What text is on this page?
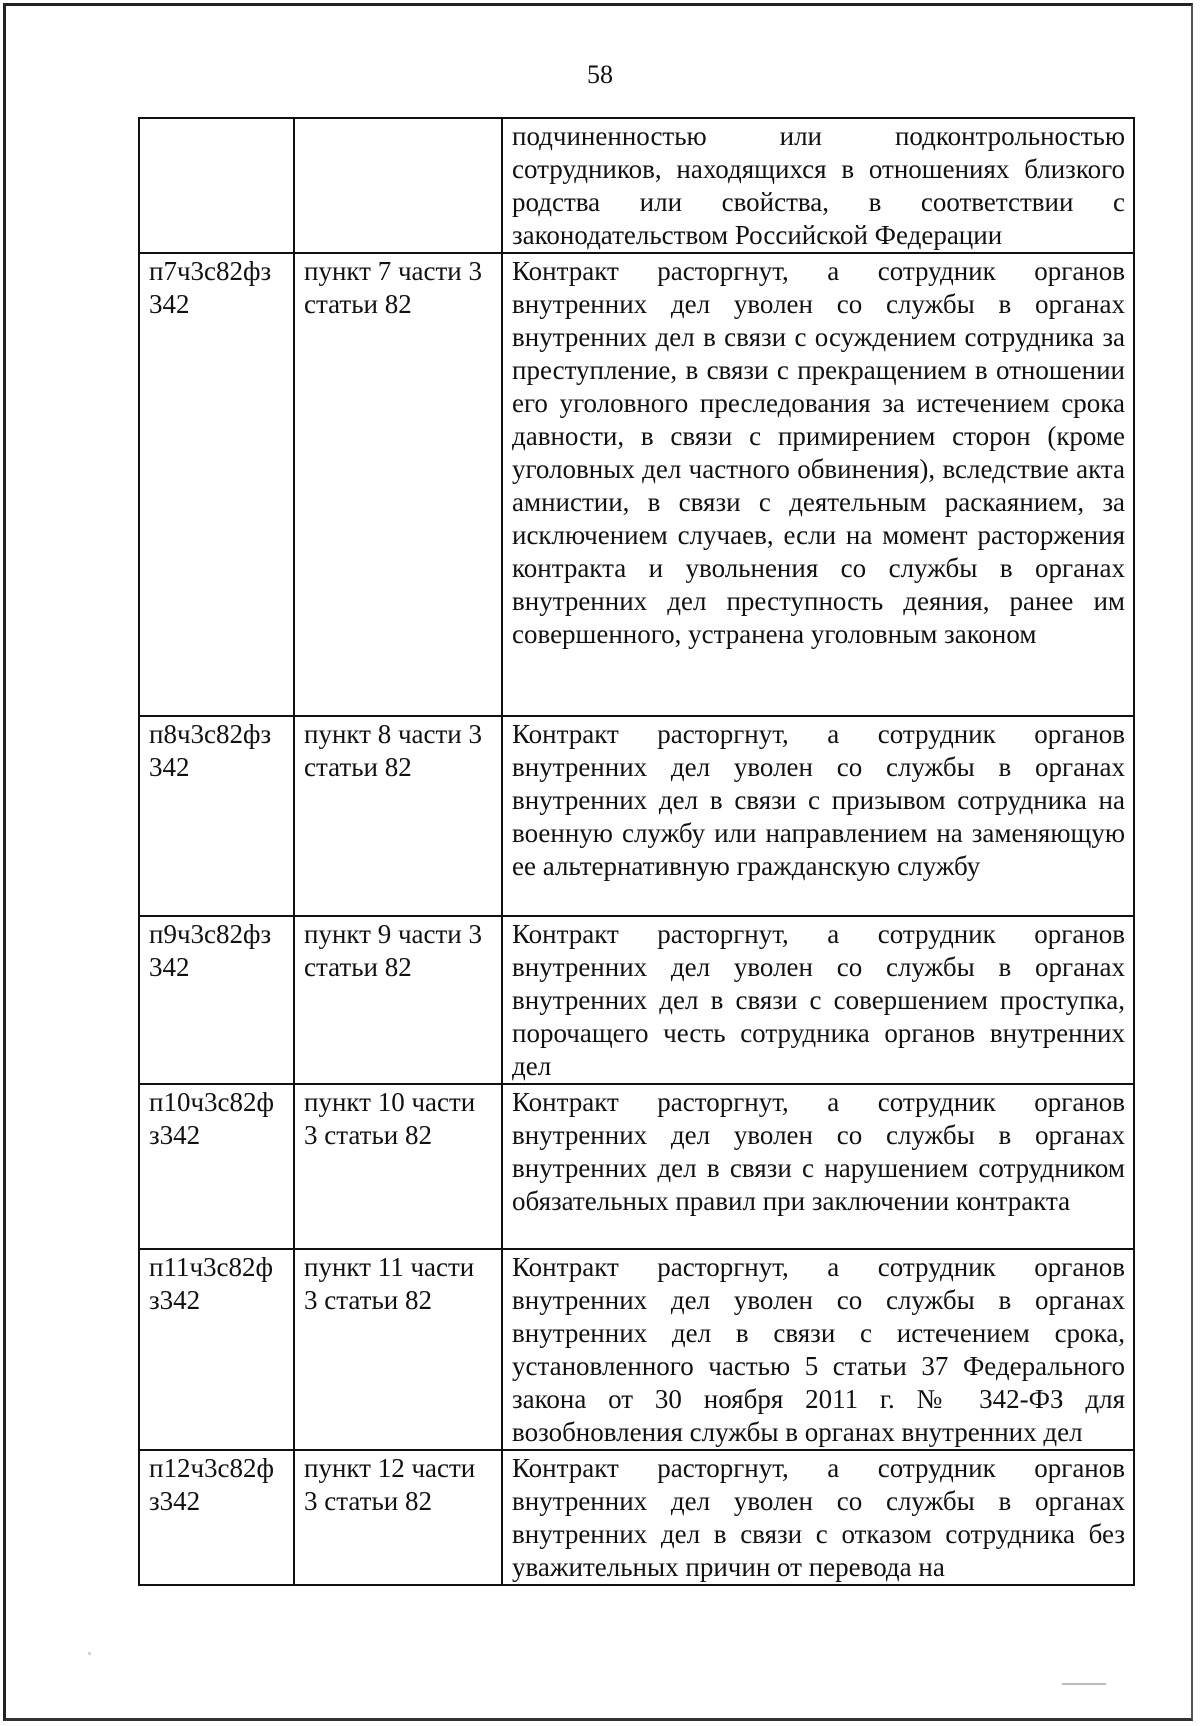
58
		подчиненностью или подконтрольностью сотрудников, находящихся в отношениях близкого родства или свойства, в соответствии с законодательством Российской Федерации
п7ч3с82фз 342	пункт 7 части 3 статьи 82	Контракт расторгнут, а сотрудник органов внутренних дел уволен со службы в органах внутренних дел в связи с осуждением сотрудника за преступление, в связи с прекращением в отношении его уголовного преследования за истечением срока давности, в связи с примирением сторон (кроме уголовных дел частного обвинения), вследствие акта амнистии, в связи с деятельным раскаянием, за исключением случаев, если на момент расторжения контракта и увольнения со службы в органах внутренних дел преступность деяния, ранее им совершенного, устранена уголовным законом
п8ч3с82фз 342	пункт 8 части 3 статьи 82	Контракт расторгнут, а сотрудник органов внутренних дел уволен со службы в органах внутренних дел в связи с призывом сотрудника на военную службу или направлением на заменяющую ее альтернативную гражданскую службу
п9ч3с82фз 342	пункт 9 части 3 статьи 82	Контракт расторгнут, а сотрудник органов внутренних дел уволен со службы в органах внутренних дел в связи с совершением проступка, порочащего честь сотрудника органов внутренних дел
п10ч3с82ф з342	пункт 10 части 3 статьи 82	Контракт расторгнут, а сотрудник органов внутренних дел уволен со службы в органах внутренних дел в связи с нарушением сотрудником обязательных правил при заключении контракта
п11ч3с82ф з342	пункт 11 части 3 статьи 82	Контракт расторгнут, а сотрудник органов внутренних дел уволен со службы в органах внутренних дел в связи с истечением срока, установленного частью 5 статьи 37 Федерального закона от 30 ноября 2011 г. № 342-ФЗ для возобновления службы в органах внутренних дел
п12ч3с82ф з342	пункт 12 части 3 статьи 82	Контракт расторгнут, а сотрудник органов внутренних дел уволен со службы в органах внутренних дел в связи с отказом сотрудника без уважительных причин от перевода на
